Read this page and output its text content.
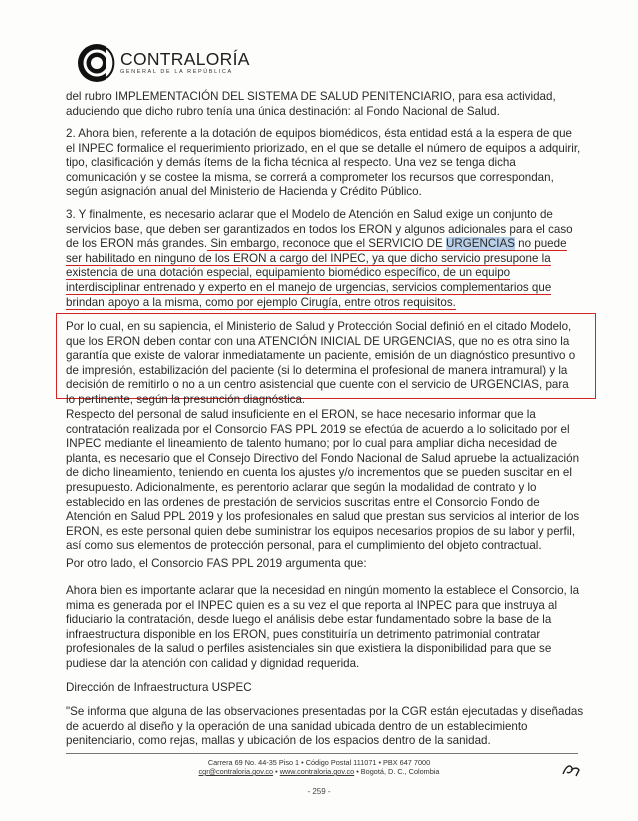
CONTRALORÍA
GENERAL DE LA REPÚBLICA
del rubro IMPLEMENTACIÓN DEL SISTEMA DE SALUD PENITENCIARIO, para esa actividad,
aduciendo que dicho rubro tenía una única destinación: al Fondo Nacional de Salud.
2. Ahora bien, referente a la dotación de equipos biomédicos, ésta entidad está a la espera de que
el INPEC formalice el requerimiento priorizado, en el que se detalle el número de equipos a adquirir,
tipo, clasificación y demás ítems de la ficha técnica al respecto. Una vez se tenga dicha
comunicación y se costee la misma, se correrá a comprometer los recursos que correspondan,
según asignación anual del Ministerio de Hacienda y Crédito Público.
3. Y finalmente, es necesario aclarar que el Modelo de Atención en Salud exige un conjunto de
servicios base, que deben ser garantizados en todos los ERON y algunos adicionales para el caso
de los ERON más grandes. Sin embargo, reconoce que el SERVICIO DE URGENCIAS no puede
ser habilitado en ninguno de los ERON a cargo del INPEC, ya que dicho servicio presupone la
existencia de una dotación especial, equipamiento biomédico específico, de un equipo
interdisciplinar entrenado y experto en el manejo de urgencias, servicios complementarios que
brindan apoyo a la misma, como por ejemplo Cirugía, entre otros requisitos.
Por lo cual, en su sapiencia, el Ministerio de Salud y Protección Social definió en el citado Modelo,
que los ERON deben contar con una ATENCIÓN INICIAL DE URGENCIAS, que no es otra sino la
garantía que existe de valorar inmediatamente un paciente, emisión de un diagnóstico presuntivo o
de impresión, estabilización del paciente (si lo determina el profesional de manera intramural) y la
decisión de remitirlo o no a un centro asistencial que cuente con el servicio de URGENCIAS, para
lo pertinente, según la presunción diagnóstica.
Respecto del personal de salud insuficiente en el ERON, se hace necesario informar que la
contratación realizada por el Consorcio FAS PPL 2019 se efectúa de acuerdo a lo solicitado por el
INPEC mediante el lineamiento de talento humano; por lo cual para ampliar dicha necesidad de
planta, es necesario que el Consejo Directivo del Fondo Nacional de Salud apruebe la actualización
de dicho lineamiento, teniendo en cuenta los ajustes y/o incrementos que se pueden suscitar en el
presupuesto. Adicionalmente, es perentorio aclarar que según la modalidad de contrato y lo
establecido en las ordenes de prestación de servicios suscritas entre el Consorcio Fondo de
Atención en Salud PPL 2019 y los profesionales en salud que prestan sus servicios al interior de los
ERON, es este personal quien debe suministrar los equipos necesarios propios de su labor y perfil,
así como sus elementos de protección personal, para el cumplimiento del objeto contractual.
Por otro lado, el Consorcio FAS PPL 2019 argumenta que:
Ahora bien es importante aclarar que la necesidad en ningún momento la establece el Consorcio, la
mima es generada por el INPEC quien es a su vez el que reporta al INPEC para que instruya al
fiduciario la contratación, desde luego el análisis debe estar fundamentado sobre la base de la
infraestructura disponible en los ERON, pues constituiría un detrimento patrimonial contratar
profesionales de la salud o perfiles asistenciales sin que existiera la disponibilidad para que se
pudiese dar la atención con calidad y dignidad requerida.
Dirección de Infraestructura USPEC
"Se informa que alguna de las observaciones presentadas por la CGR están ejecutadas y diseñadas
de acuerdo al diseño y la operación de una sanidad ubicada dentro de un establecimiento
penitenciario, como rejas, mallas y ubicación de los espacios dentro de la sanidad.
Carrera 69 No. 44-35 Piso 1 • Código Postal 111071 • PBX 647 7000
cgr@contraloria.gov.co • www.contraloria.gov.co • Bogotá, D. C., Colombia
- 259 -
